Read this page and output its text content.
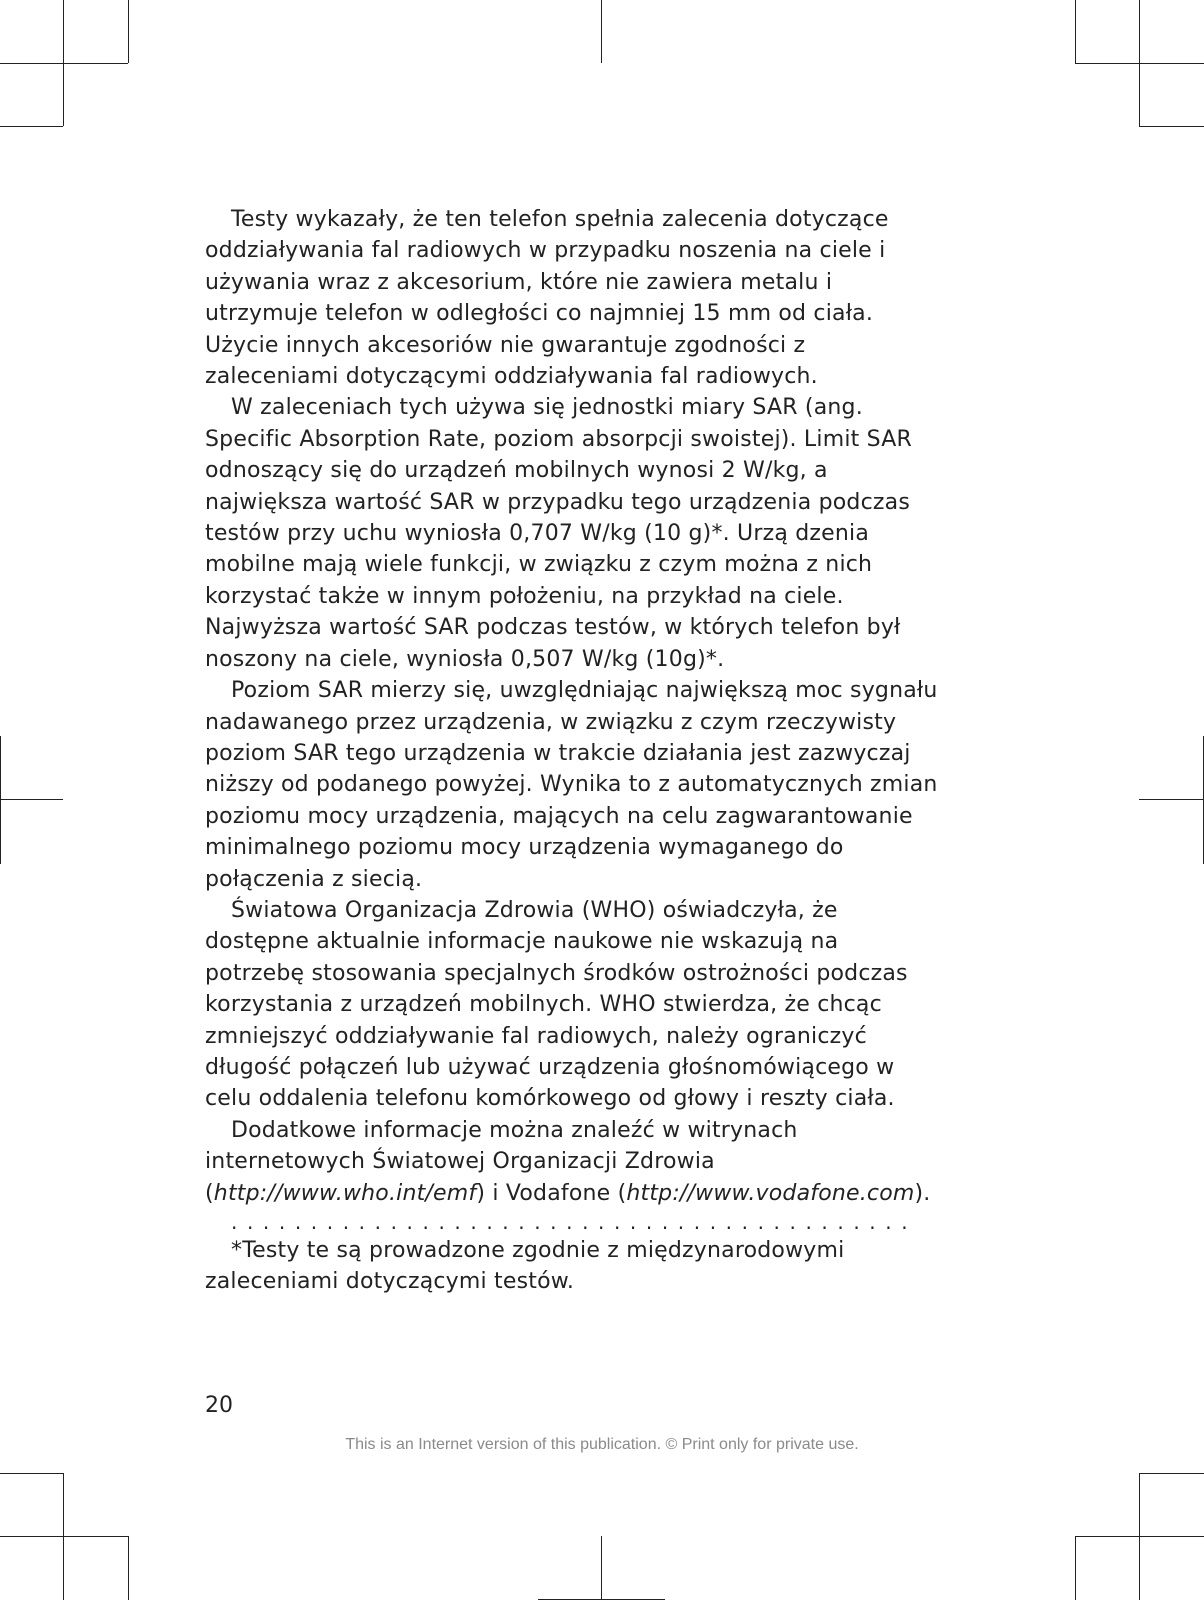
Testy wykazały, że ten telefon spełnia zalecenia dotyczące
oddziaływania fal radiowych w przypadku noszenia na ciele i
używania wraz z akcesorium, które nie zawiera metalu i
utrzymuje telefon w odległości co najmniej 15 mm od ciała.
Użycie innych akcesoriów nie gwarantuje zgodności z
zaleceniami dotyczącymi oddziaływania fal radiowych.
W zaleceniach tych używa się jednostki miary SAR (ang.
Specific Absorption Rate, poziom absorpcji swoistej). Limit SAR
odnoszący się do urządzeń mobilnych wynosi 2 W/kg, a
największa wartość SAR w przypadku tego urządzenia podczas
testów przy uchu wyniosła 0,707 W/kg (10 g)*. Urzą dzenia
mobilne mają wiele funkcji, w związku z czym można z nich
korzystać także w innym położeniu, na przykład na ciele.
Najwyższa wartość SAR podczas testów, w których telefon był
noszony na ciele, wyniosła 0,507 W/kg (10g)*.
Poziom SAR mierzy się, uwzględniając największą moc sygnału
nadawanego przez urządzenia, w związku z czym rzeczywisty
poziom SAR tego urządzenia w trakcie działania jest zazwyczaj
niższy od podanego powyżej. Wynika to z automatycznych zmian
poziomu mocy urządzenia, mających na celu zagwarantowanie
minimalnego poziomu mocy urządzenia wymaganego do
połączenia z siecią.
Światowa Organizacja Zdrowia (WHO) oświadczyła, że
dostępne aktualnie informacje naukowe nie wskazują na
potrzebę stosowania specjalnych środków ostrożności podczas
korzystania z urządzeń mobilnych. WHO stwierdza, że chcąc
zmniejszyć oddziaływanie fal radiowych, należy ograniczyć
długość połączeń lub używać urządzenia głośnomówiącego w
celu oddalenia telefonu komórkowego od głowy i reszty ciała.
Dodatkowe informacje można znaleźć w witrynach
internetowych Światowej Organizacji Zdrowia
(http://www.who.int/emf) i Vodafone (http://www.vodafone.com).
...........................................
*Testy te są prowadzone zgodnie z międzynarodowymi
zaleceniami dotyczącymi testów.
20
This is an Internet version of this publication. © Print only for private use.
